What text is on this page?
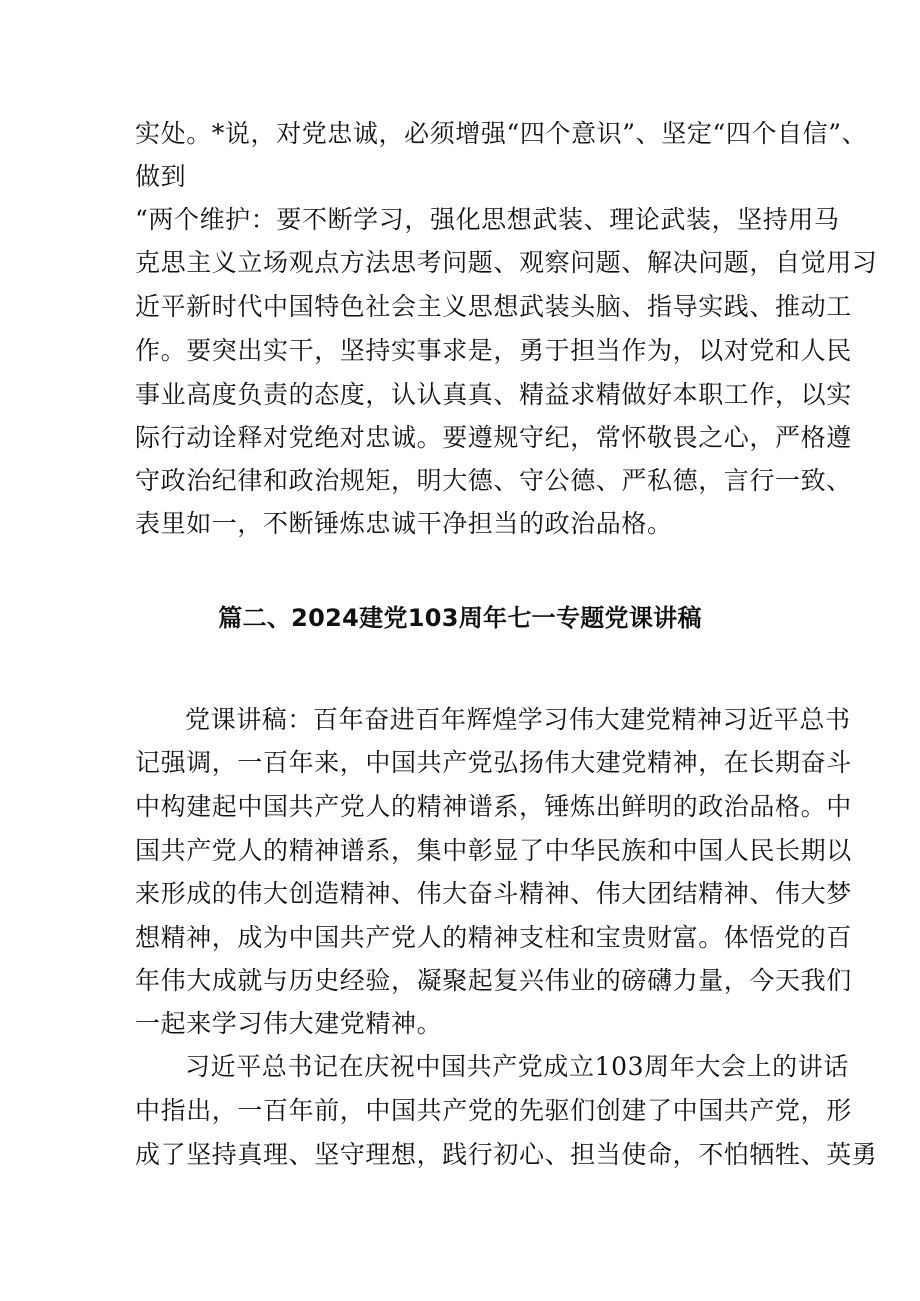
实处。*说，对党忠诚，必须增强“四个意识”、坚定“四个自信”、
做到
“两个维护：要不断学习，强化思想武装、理论武装，坚持用马
克思主义立场观点方法思考问题、观察问题、解决问题，自觉用习
近平新时代中国特色社会主义思想武装头脑、指导实践、推动工
作。要突出实干，坚持实事求是，勇于担当作为，以对党和人民
事业高度负责的态度，认认真真、精益求精做好本职工作，以实
际行动诠释对党绝对忠诚。要遵规守纪，常怀敬畏之心，严格遵
守政治纪律和政治规矩，明大德、守公德、严私德，言行一致、
表里如一，不断锤炼忠诚干净担当的政治品格。
篇二、2024建党103周年七一专题党课讲稿
党课讲稿：百年奋进百年辉煌学习伟大建党精神习近平总书
记强调，一百年来，中国共产党弘扬伟大建党精神，在长期奋斗
中构建起中国共产党人的精神谱系，锤炼出鲜明的政治品格。中
国共产党人的精神谱系，集中彰显了中华民族和中国人民长期以
来形成的伟大创造精神、伟大奋斗精神、伟大团结精神、伟大梦
想精神，成为中国共产党人的精神支柱和宝贵财富。体悟党的百
年伟大成就与历史经验，凝聚起复兴伟业的磅礴力量，今天我们
一起来学习伟大建党精神。
习近平总书记在庆祝中国共产党成立103周年大会上的讲话
中指出，一百年前，中国共产党的先驱们创建了中国共产党，形
成了坚持真理、坚守理想，践行初心、担当使命，不怕牺牲、英勇
